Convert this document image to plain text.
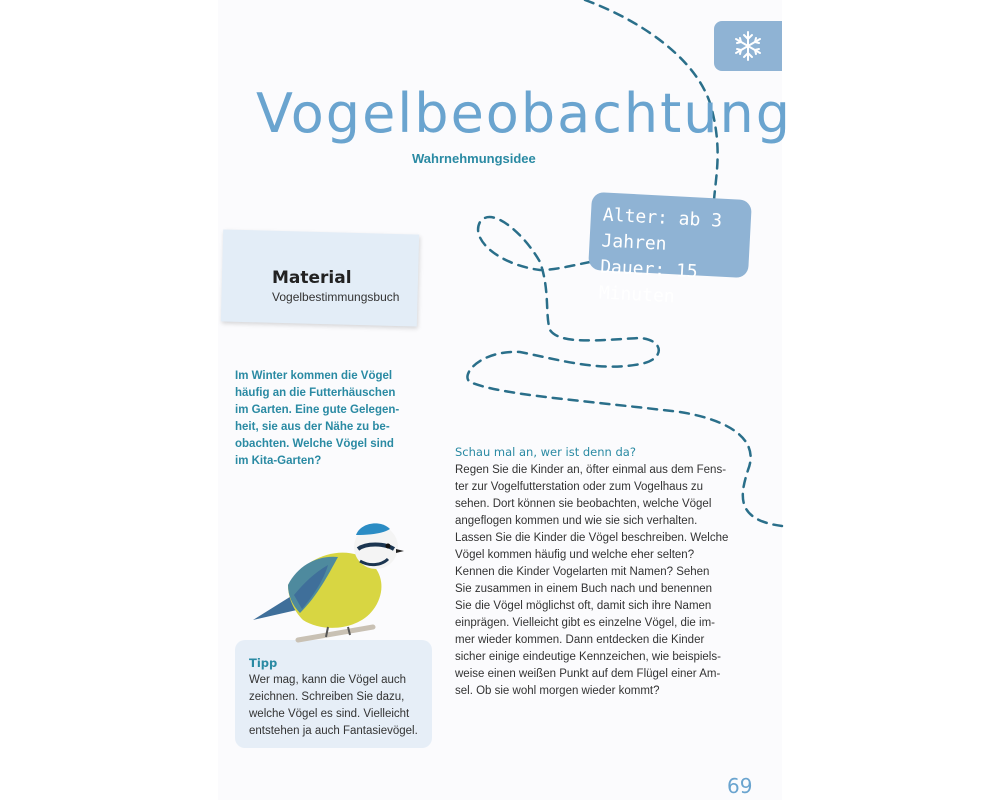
Vogelbeobachtung
Wahrnehmungsidee
Alter: ab 3 Jahren
Dauer: 15 Minuten
Material
Vogelbestimmungsbuch
Im Winter kommen die Vögel
häufig an die Futterhäuschen
im Garten. Eine gute Gelegen-
heit, sie aus der Nähe zu be-
obachten. Welche Vögel sind
im Kita-Garten?
Schau mal an, wer ist denn da?
Regen Sie die Kinder an, öfter einmal aus dem Fens-
ter zur Vogelfutterstation oder zum Vogelhaus zu
sehen. Dort können sie beobachten, welche Vögel
angeflogen kommen und wie sie sich verhalten.
Lassen Sie die Kinder die Vögel beschreiben. Welche
Vögel kommen häufig und welche eher selten?
Kennen die Kinder Vogelarten mit Namen? Sehen
Sie zusammen in einem Buch nach und benennen
Sie die Vögel möglichst oft, damit sich ihre Namen
einprägen. Vielleicht gibt es einzelne Vögel, die im-
mer wieder kommen. Dann entdecken die Kinder
sicher einige eindeutige Kennzeichen, wie beispiels-
weise einen weißen Punkt auf dem Flügel einer Am-
sel. Ob sie wohl morgen wieder kommt?
Tipp
Wer mag, kann die Vögel auch
zeichnen. Schreiben Sie dazu,
welche Vögel es sind. Vielleicht
entstehen ja auch Fantasievögel.
69
